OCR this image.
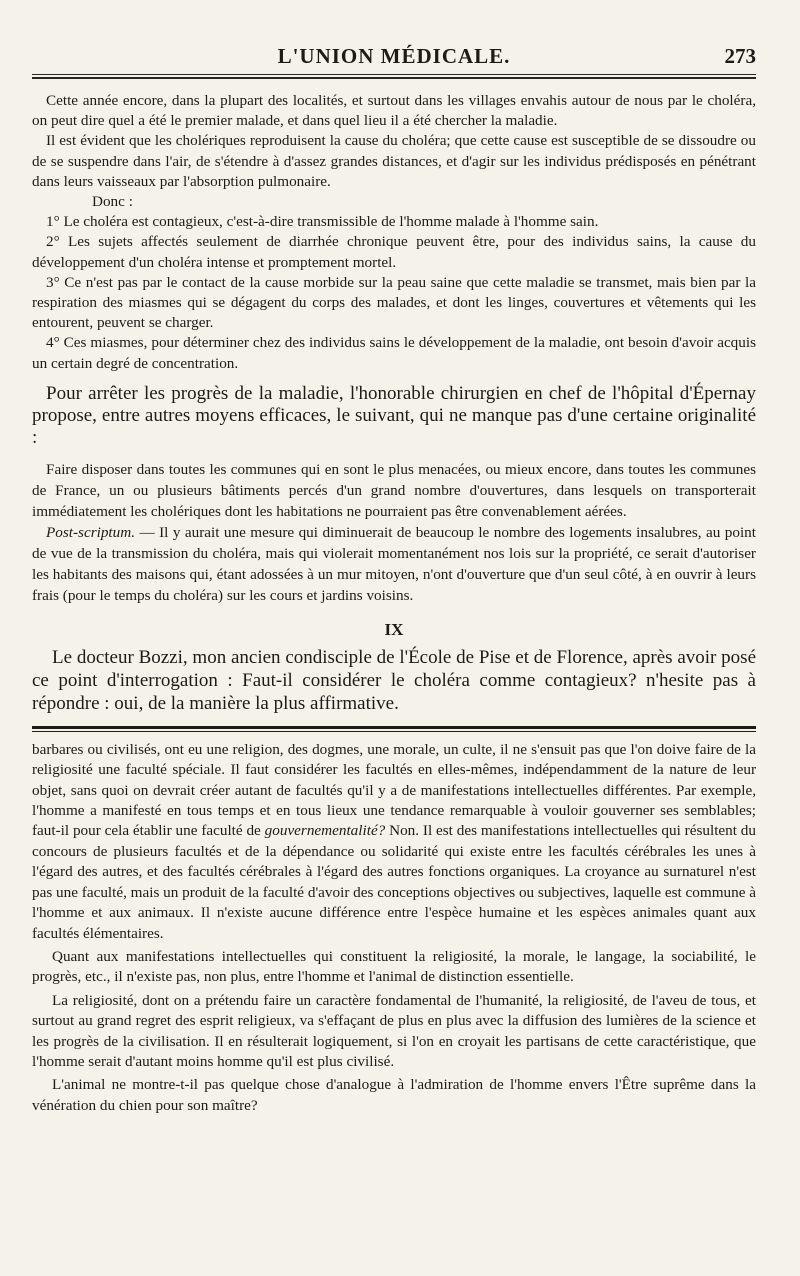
L'UNION MÉDICALE.	273

Cette année encore, dans la plupart des localités, et surtout dans les villages envahis autour de nous par le choléra, on peut dire quel a été le premier malade, et dans quel lieu il a été chercher la maladie.

Il est évident que les cholériques reproduisent la cause du choléra; que cette cause est susceptible de se dissoudre ou de se suspendre dans l'air, de s'étendre à d'assez grandes distances, et d'agir sur les individus prédisposés en pénétrant dans leurs vaisseaux par l'absorption pulmonaire.

Donc :

1° Le choléra est contagieux, c'est-à-dire transmissible de l'homme malade à l'homme sain.

2° Les sujets affectés seulement de diarrhée chronique peuvent être, pour des individus sains, la cause du développement d'un choléra intense et promptement mortel.

3° Ce n'est pas par le contact de la cause morbide sur la peau saine que cette maladie se transmet, mais bien par la respiration des miasmes qui se dégagent du corps des malades, et dont les linges, couvertures et vêtements qui les entourent, peuvent se charger.

4° Ces miasmes, pour déterminer chez des individus sains le développement de la maladie, ont besoin d'avoir acquis un certain degré de concentration.

Pour arrêter les progrès de la maladie, l'honorable chirurgien en chef de l'hôpital d'Épernay propose, entre autres moyens efficaces, le suivant, qui ne manque pas d'une certaine originalité :

Faire disposer dans toutes les communes qui en sont le plus menacées, ou mieux encore, dans toutes les communes de France, un ou plusieurs bâtiments percés d'un grand nombre d'ouvertures, dans lesquels on transporterait immédiatement les cholériques dont les habitations ne pourraient pas être convenablement aérées.

Post-scriptum. — Il y aurait une mesure qui diminuerait de beaucoup le nombre des logements insalubres, au point de vue de la transmission du choléra, mais qui violerait momentanément nos lois sur la propriété, ce serait d'autoriser les habitants des maisons qui, étant adossées à un mur mitoyen, n'ont d'ouverture que d'un seul côté, à en ouvrir à leurs frais (pour le temps du choléra) sur les cours et jardins voisins.

IX

Le docteur Bozzi, mon ancien condisciple de l'École de Pise et de Florence, après avoir posé ce point d'interrogation : Faut-il considérer le choléra comme contagieux? n'hesite pas à répondre : oui, de la manière la plus affirmative.

barbares ou civilisés, ont eu une religion, des dogmes, une morale, un culte, il ne s'ensuit pas que l'on doive faire de la religiosité une faculté spéciale. Il faut considérer les facultés en elles-mêmes, indépendamment de la nature de leur objet, sans quoi on devrait créer autant de facultés qu'il y a de manifestations intellectuelles différentes. Par exemple, l'homme a manifesté en tous temps et en tous lieux une tendance remarquable à vouloir gouverner ses semblables; faut-il pour cela établir une faculté de gouvernementalité? Non. Il est des manifestations intellectuelles qui résultent du concours de plusieurs facultés et de la dépendance ou solidarité qui existe entre les facultés cérébrales les unes à l'égard des autres, et des facultés cérébrales à l'égard des autres fonctions organiques. La croyance au surnaturel n'est pas une faculté, mais un produit de la faculté d'avoir des conceptions objectives ou subjectives, laquelle est commune à l'homme et aux animaux. Il n'existe aucune différence entre l'espèce humaine et les espèces animales quant aux facultés élémentaires.

Quant aux manifestations intellectuelles qui constituent la religiosité, la morale, le langage, la sociabilité, le progrès, etc., il n'existe pas, non plus, entre l'homme et l'animal de distinction essentielle.

La religiosité, dont on a prétendu faire un caractère fondamental de l'humanité, la religiosité, de l'aveu de tous, et surtout au grand regret des esprit religieux, va s'effaçant de plus en plus avec la diffusion des lumières de la science et les progrès de la civilisation. Il en résulterait logiquement, si l'on en croyait les partisans de cette caractéristique, que l'homme serait d'autant moins homme qu'il est plus civilisé.

L'animal ne montre-t-il pas quelque chose d'analogue à l'admiration de l'homme envers l'Être suprême dans la vénération du chien pour son maître?
